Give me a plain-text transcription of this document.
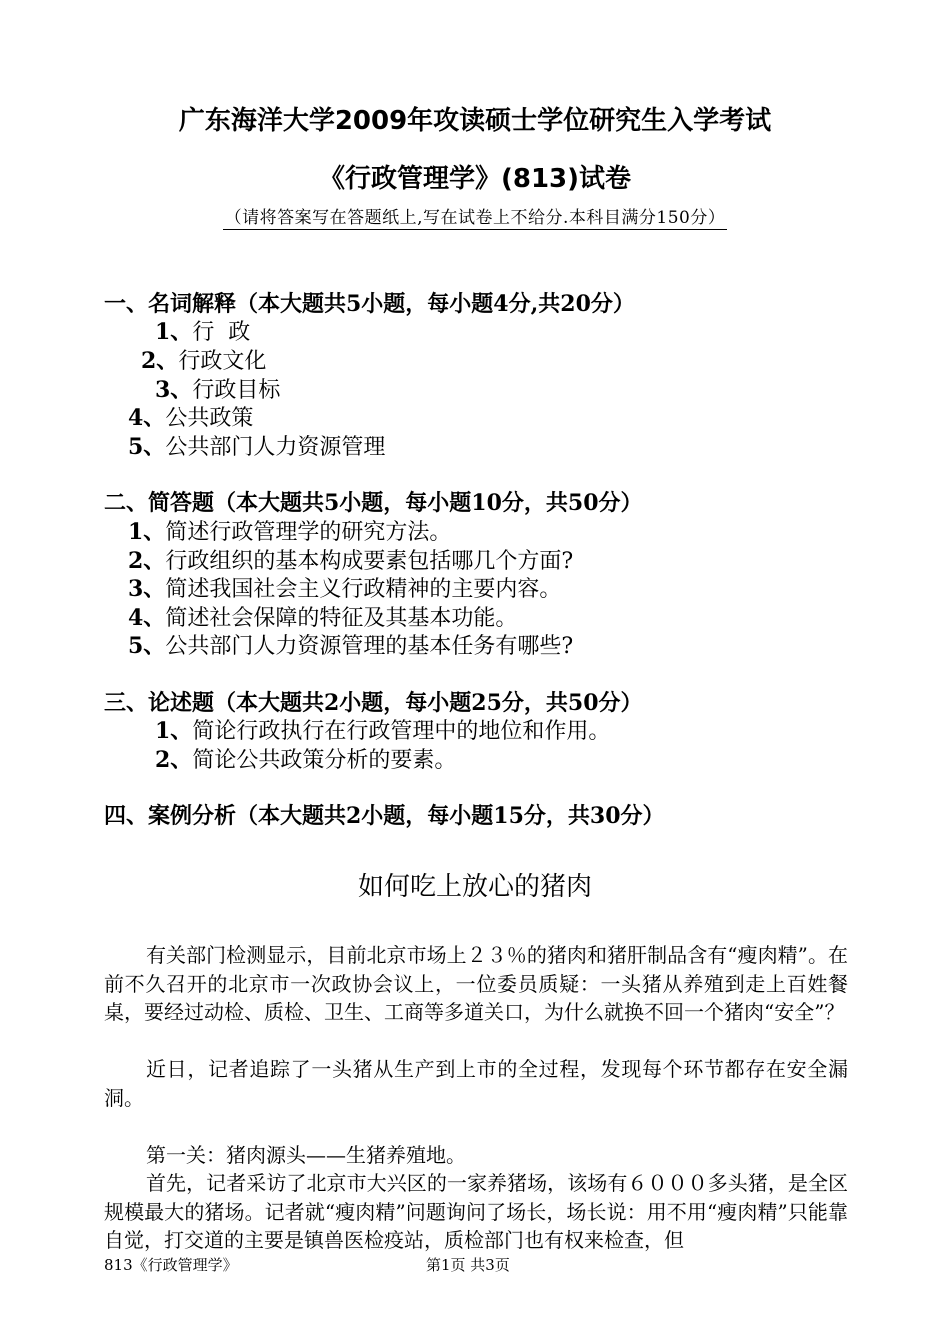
广东海洋大学2009年攻读硕士学位研究生入学考试
《行政管理学》(813)试卷
（请将答案写在答题纸上,写在试卷上不给分.本科目满分150分）
一、名词解释（本大题共5小题，每小题4分,共20分）
1、行  政
2、行政文化
3、行政目标
4、公共政策
5、公共部门人力资源管理
二、简答题（本大题共5小题，每小题10分，共50分）
1、简述行政管理学的研究方法。
2、行政组织的基本构成要素包括哪几个方面?
3、简述我国社会主义行政精神的主要内容。
4、简述社会保障的特征及其基本功能。
5、公共部门人力资源管理的基本任务有哪些?
三、论述题（本大题共2小题，每小题25分，共50分）
1、简论行政执行在行政管理中的地位和作用。
2、简论公共政策分析的要素。
四、案例分析（本大题共2小题，每小题15分，共30分）
如何吃上放心的猪肉

有关部门检测显示，目前北京市场上２３％的猪肉和猪肝制品含有“瘦肉精”。在前不久召开的北京市一次政协会议上，一位委员质疑：一头猪从养殖到走上百姓餐桌，要经过动检、质检、卫生、工商等多道关口，为什么就换不回一个猪肉“安全”？

近日，记者追踪了一头猪从生产到上市的全过程，发现每个环节都存在安全漏洞。

第一关：猪肉源头——生猪养殖地。

首先，记者采访了北京市大兴区的一家养猪场，该场有６０００多头猪，是全区规模最大的猪场。记者就“瘦肉精”问题询问了场长，场长说：用不用“瘦肉精”只能靠自觉，打交道的主要是镇兽医检疫站，质检部门也有权来检查，但

813《行政管理学》	第1页 共3页
